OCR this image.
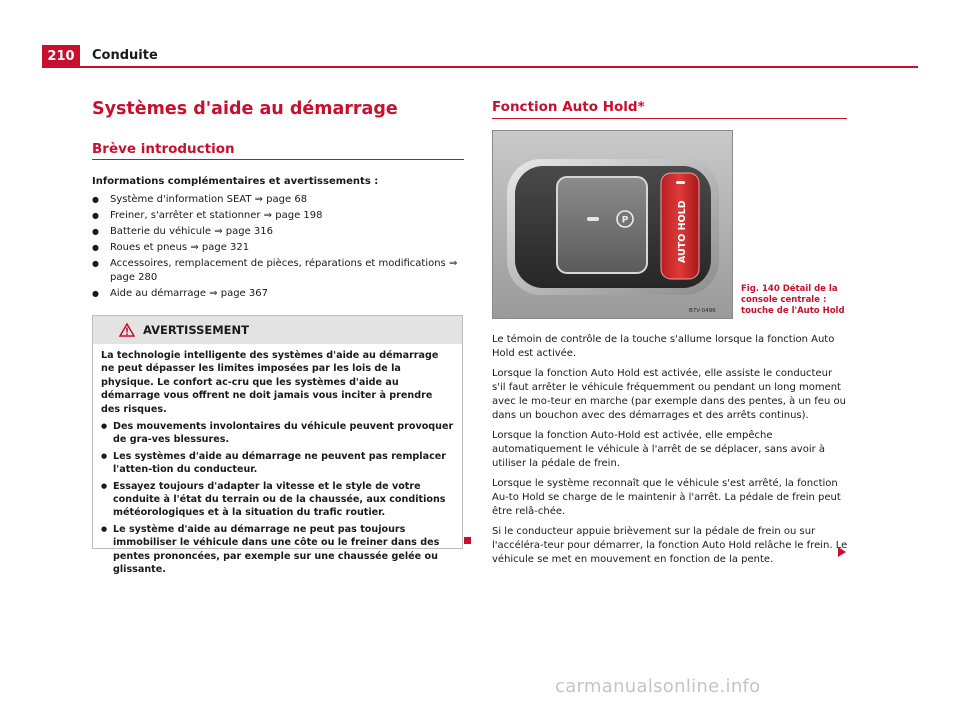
210	Conduite
Systèmes d'aide au démarrage
Brève introduction
Informations complémentaires et avertissements :
● Système d'information SEAT ⇒ page 68
● Freiner, s'arrêter et stationner ⇒ page 198
● Batterie du véhicule ⇒ page 316
● Roues et pneus ⇒ page 321
● Accessoires, remplacement de pièces, réparations et modifications ⇒ page 280
● Aide au démarrage ⇒ page 367
AVERTISSEMENT

La technologie intelligente des systèmes d'aide au démarrage ne peut dépasser les limites imposées par les lois de la physique. Le confort ac-cru que les systèmes d'aide au démarrage vous offrent ne doit jamais vous inciter à prendre des risques.

● Des mouvements involontaires du véhicule peuvent provoquer de gra-ves blessures.

● Les systèmes d'aide au démarrage ne peuvent pas remplacer l'atten-tion du conducteur.

● Essayez toujours d'adapter la vitesse et le style de votre conduite à l'état du terrain ou de la chaussée, aux conditions météorologiques et à la situation du trafic routier.

● Le système d'aide au démarrage ne peut pas toujours immobiliser le véhicule dans une côte ou le freiner dans des pentes prononcées, par exemple sur une chaussée gelée ou glissante.

Fonction Auto Hold*
P	AUTO HOLD
B7V-0496
Fig. 140 Détail de la console centrale : touche de l'Auto Hold

Le témoin de contrôle de la touche s'allume lorsque la fonction Auto Hold est activée.

Lorsque la fonction Auto Hold est activée, elle assiste le conducteur s'il faut arrêter le véhicule fréquemment ou pendant un long moment avec le mo-teur en marche (par exemple dans des pentes, à un feu ou dans un bouchon avec des démarrages et des arrêts continus).

Lorsque la fonction Auto-Hold est activée, elle empêche automatiquement le véhicule à l'arrêt de se déplacer, sans avoir à utiliser la pédale de frein.

Lorsque le système reconnaît que le véhicule s'est arrêté, la fonction Au-to Hold se charge de le maintenir à l'arrêt. La pédale de frein peut être relâ-chée.

Si le conducteur appuie brièvement sur la pédale de frein ou sur l'accéléra-teur pour démarrer, la fonction Auto Hold relâche le frein. Le véhicule se met en mouvement en fonction de la pente.

carmanualsonline.info
